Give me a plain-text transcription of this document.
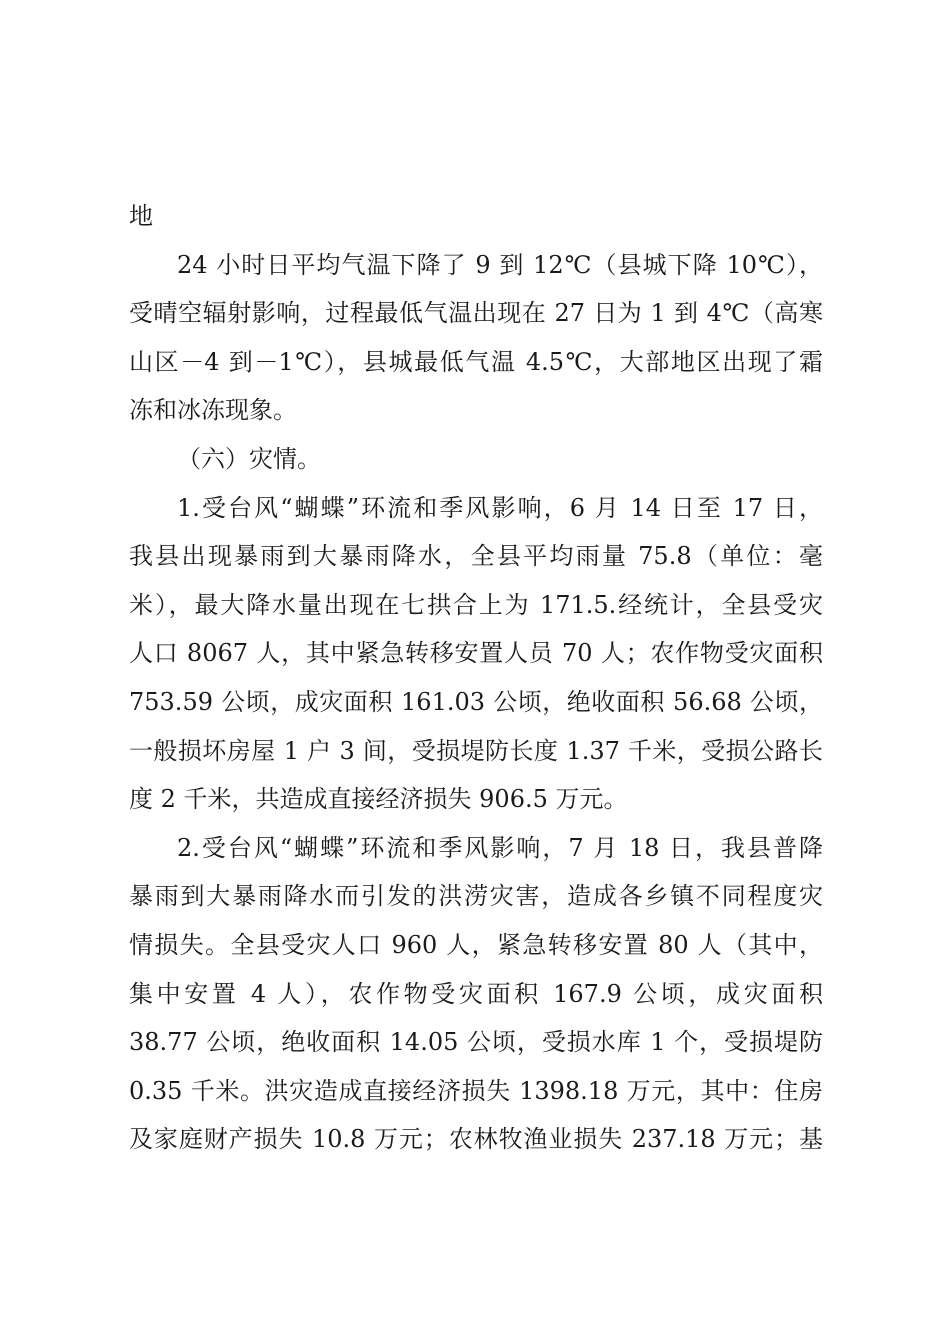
地

24 小时日平均气温下降了 9 到 12℃（县城下降 10℃），
受晴空辐射影响，过程最低气温出现在 27 日为 1 到 4℃（高寒
山区－4 到－1℃），县城最低气温 4.5℃，大部地区出现了霜
冻和冰冻现象。

（六）灾情。

1.受台风“蝴蝶”环流和季风影响，6 月 14 日至 17 日，
我县出现暴雨到大暴雨降水，全县平均雨量 75.8（单位：毫
米），最大降水量出现在七拱合上为 171.5.经统计，全县受灾
人口 8067 人，其中紧急转移安置人员 70 人；农作物受灾面积
753.59 公顷，成灾面积 161.03 公顷，绝收面积 56.68 公顷，
一般损坏房屋 1 户 3 间，受损堤防长度 1.37 千米，受损公路长
度 2 千米，共造成直接经济损失 906.5 万元。

2.受台风“蝴蝶”环流和季风影响，7 月 18 日，我县普降
暴雨到大暴雨降水而引发的洪涝灾害，造成各乡镇不同程度灾
情损失。全县受灾人口 960 人，紧急转移安置 80 人（其中，
集中安置 4 人），农作物受灾面积 167.9 公顷，成灾面积
38.77 公顷，绝收面积 14.05 公顷，受损水库 1 个，受损堤防
0.35 千米。洪灾造成直接经济损失 1398.18 万元，其中：住房
及家庭财产损失 10.8 万元；农林牧渔业损失 237.18 万元；基
